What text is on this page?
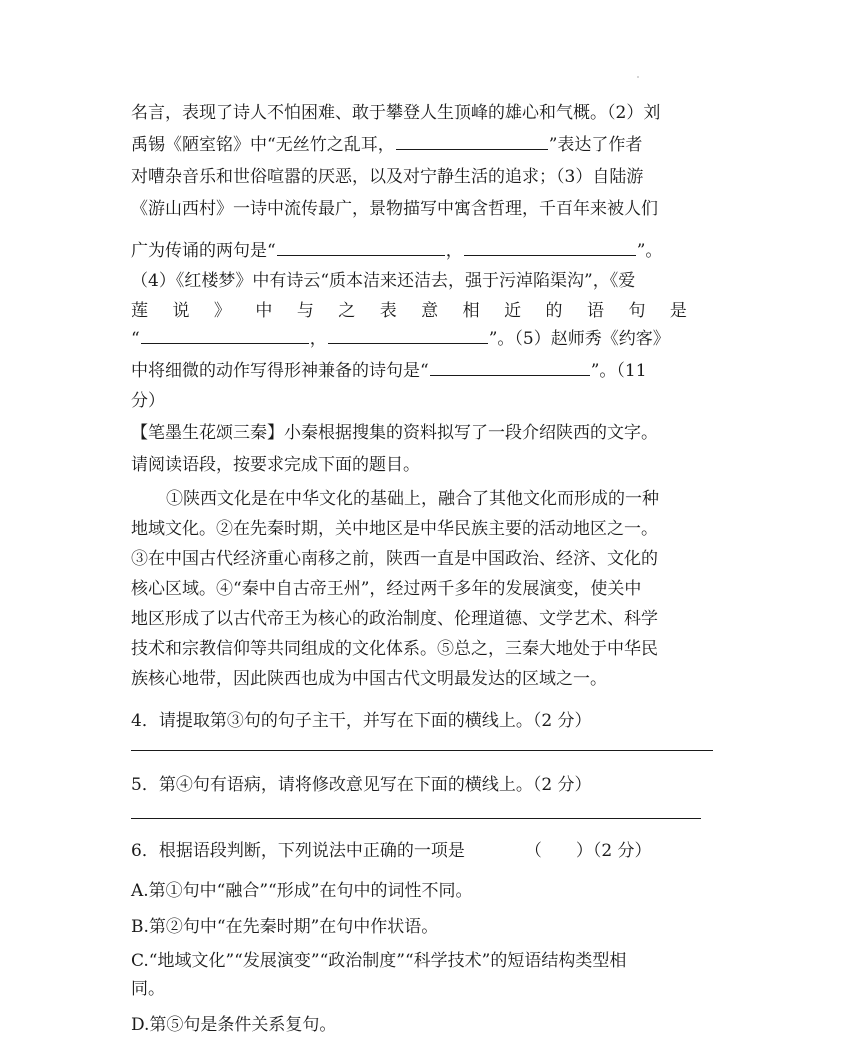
名言，表现了诗人不怕困难、敢于攀登人生顶峰的雄心和气概。（2）刘
禹锡《陋室铭》中“无丝竹之乱耳，	”表达了作者
对嘈杂音乐和世俗喧嚣的厌恶，以及对宁静生活的追求；（3）自陆游
《游山西村》一诗中流传最广，景物描写中寓含哲理，千百年来被人们
广为传诵的两句是“	，	”。
（4）《红楼梦》中有诗云“质本洁来还洁去，强于污淖陷渠沟”，《爱
莲 说 》 中 与 之 表 意 相 近 的 语 句 是
“	，	”。（5）赵师秀《约客》
中将细微的动作写得形神兼备的诗句是“	”。（11
分）
【笔墨生花颂三秦】小秦根据搜集的资料拟写了一段介绍陕西的文字。
请阅读语段，按要求完成下面的题目。
①陕西文化是在中华文化的基础上，融合了其他文化而形成的一种
地域文化。②在先秦时期，关中地区是中华民族主要的活动地区之一。
③在中国古代经济重心南移之前，陕西一直是中国政治、经济、文化的
核心区域。④“秦中自古帝王州”，经过两千多年的发展演变，使关中
地区形成了以古代帝王为核心的政治制度、伦理道德、文学艺术、科学
技术和宗教信仰等共同组成的文化体系。⑤总之，三秦大地处于中华民
族核心地带，因此陕西也成为中国古代文明最发达的区域之一。
4．请提取第③句的句子主干，并写在下面的横线上。（2 分）
5．第④句有语病，请将修改意见写在下面的横线上。（2 分）
6．根据语段判断，下列说法中正确的一项是	（　　）（2 分）
A.第①句中“融合”“形成”在句中的词性不同。
B.第②句中“在先秦时期”在句中作状语。
C.“地域文化”“发展演变”“政治制度”“科学技术”的短语结构类型相
同。
D.第⑤句是条件关系复句。
